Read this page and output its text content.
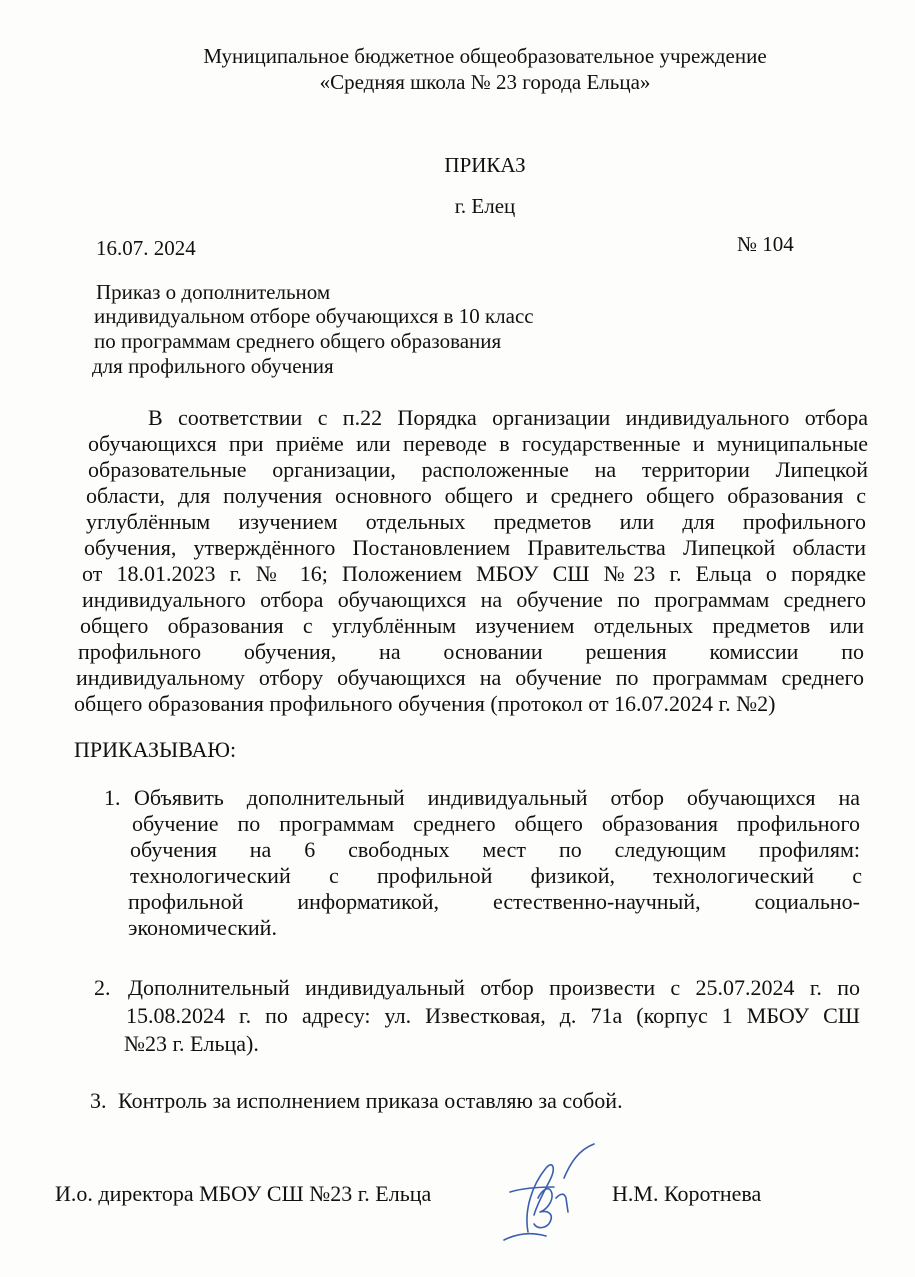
Муниципальное бюджетное общеобразовательное учреждение
«Средняя школа № 23 города Ельца»
ПРИКАЗ
г. Елец
16.07. 2024	№ 104
Приказ о дополнительном
индивидуальном отборе обучающихся в 10 класс
по программам среднего общего образования
для профильного обучения
В соответствии с п.22 Порядка организации индивидуального отбора
обучающихся при приёме или переводе в государственные и муниципальные
образовательные организации, расположенные на территории Липецкой
области, для получения основного общего и среднего общего образования с
углублённым изучением отдельных предметов или для профильного
обучения, утверждённого Постановлением Правительства Липецкой области
от 18.01.2023 г. № 16; Положением МБОУ СШ №23 г. Ельца о порядке
индивидуального отбора обучающихся на обучение по программам среднего
общего образования с углублённым изучением отдельных предметов или
профильного обучения, на основании решения комиссии по
индивидуальному отбору обучающихся на обучение по программам среднего
общего образования профильного обучения (протокол от 16.07.2024 г. №2)
ПРИКАЗЫВАЮ:
1. Объявить дополнительный индивидуальный отбор обучающихся на
обучение по программам среднего общего образования профильного
обучения на 6 свободных мест по следующим профилям:
технологический с профильной физикой, технологический с
профильной информатикой, естественно-научный, социально-
экономический.
2. Дополнительный индивидуальный отбор произвести с 25.07.2024 г. по
15.08.2024 г. по адресу: ул. Известковая, д. 71а (корпус 1 МБОУ СШ
№23 г. Ельца).
3. Контроль за исполнением приказа оставляю за собой.
И.о. директора МБОУ СШ №23 г. Ельца	Н.М. Коротнева
